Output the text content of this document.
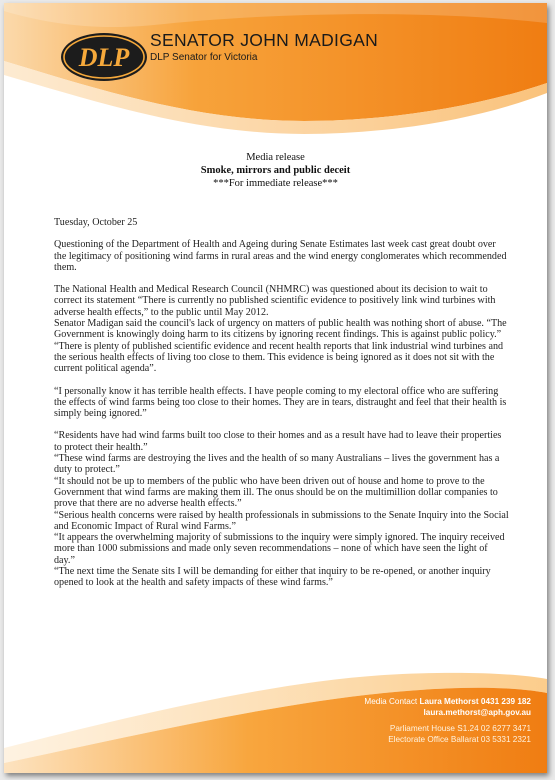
DLP
SENATOR JOHN MADIGAN
DLP Senator for Victoria
Media release
Smoke, mirrors and public deceit
***For immediate release***

Tuesday, October 25

Questioning of the Department of Health and Ageing during Senate Estimates last week cast great doubt over the legitimacy of positioning wind farms in rural areas and the wind energy conglomerates which recommended them.

The National Health and Medical Research Council (NHMRC) was questioned about its decision to wait to correct its statement “There is currently no published scientific evidence to positively link wind turbines with adverse health effects,” to the public until May 2012.

Senator Madigan said the council's lack of urgency on matters of public health was nothing short of abuse. “The Government is knowingly doing harm to its citizens by ignoring recent findings. This is against public policy.”

“There is plenty of published scientific evidence and recent health reports that link industrial wind turbines and the serious health effects of living too close to them. This evidence is being ignored as it does not sit with the current political agenda”.

“I personally know it has terrible health effects. I have people coming to my electoral office who are suffering the effects of wind farms being too close to their homes. They are in tears, distraught and feel that their health is simply being ignored.”

“Residents have had wind farms built too close to their homes and as a result have had to leave their properties to protect their health.”

“These wind farms are destroying the lives and the health of so many Australians – lives the government has a duty to protect.”

“It should not be up to members of the public who have been driven out of house and home to prove to the Government that wind farms are making them ill. The onus should be on the multimillion dollar companies to prove that there are no adverse health effects.”

“Serious health concerns were raised by health professionals in submissions to the Senate Inquiry into the Social and Economic Impact of Rural wind Farms.”

“It appears the overwhelming majority of submissions to the inquiry were simply ignored. The inquiry received more than 1000 submissions and made only seven recommendations – none of which have seen the light of day.”

“The next time the Senate sits I will be demanding for either that inquiry to be re-opened, or another inquiry opened to look at the health and safety impacts of these wind farms.”

Media Contact Laura Methorst 0431 239 182
laura.methorst@aph.gov.au
Parliament House S1.24 02 6277 3471
Electorate Office Ballarat 03 5331 2321
